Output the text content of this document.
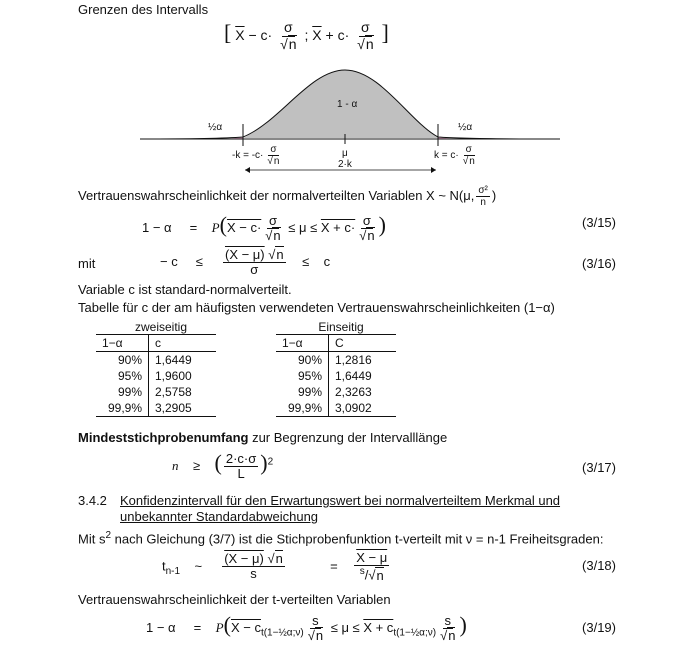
Grenzen des Intervalls
[ $\overline{X} - c\cdot \frac{\sigma}{√n}$ ; $\overline{X} + c\cdot \frac{\sigma}{√n}$ ]
1 - α
½α	½α
$-k = -c\cdot \frac{\sigma}{√n}$	μ	$k = c\cdot \frac{\sigma}{√n}$
2·k
Vertrauenswahrscheinlichkeit der normalverteilten Variablen X ~ N(μ, $\frac{\text{σ²}}{n}$ )
$1 - \alpha = P(X - c\cdot \frac{\sigma}{√n} \le \mu \le X + c\cdot \frac{\sigma}{√n}$ )	(3/15)
mit	− $c \le \frac{(X - \mu) √n}{\sigma} \le c$	(3/16)
Variable c ist standard-normalverteilt.
Tabelle für c der am häufigsten verwendeten Vertrauenswahrscheinlichkeiten (1−α)
zweiseitig
1−α	c
90%	1,6449
95%	1,9600
99%	2,5758
99,9%	3,2905
Einseitig
1−α	C
90%	1,2816
95%	1,6449
99%	2,3263
99,9%	3,0902
Mindeststichprobenumfang zur Begrenzung der Intervalllänge
n ≥ ( $\frac{2\cdot c\cdot\sigma}{L} )^2$	(3/17)
3.4.2 Konfidenzintervall für den Erwartungswert bei normalverteiltem Merkmal und
unbekannter Standardabweichung
Mit $s^2$ nach Gleichung (3/7) ist die Stichprobenfunktion t-verteilt mit ν = n-1 Freiheitsgraden:
$t_{n-1}$ ~ $\frac{(X - \mu) √n}{s}$	= $\frac{X - \mu}{^s/√n}$	(3/18)
Vertrauenswahrscheinlichkeit der t-verteilten Variablen
$1 - \alpha = P(X - c_{t(1-\frac{1}{2}\alpha;\nu)} \frac{s}{√n} \le \mu \le X + c_{t(1-\frac{1}{2}\alpha;\nu)} \frac{s}{√n}$ )	(3/19)
